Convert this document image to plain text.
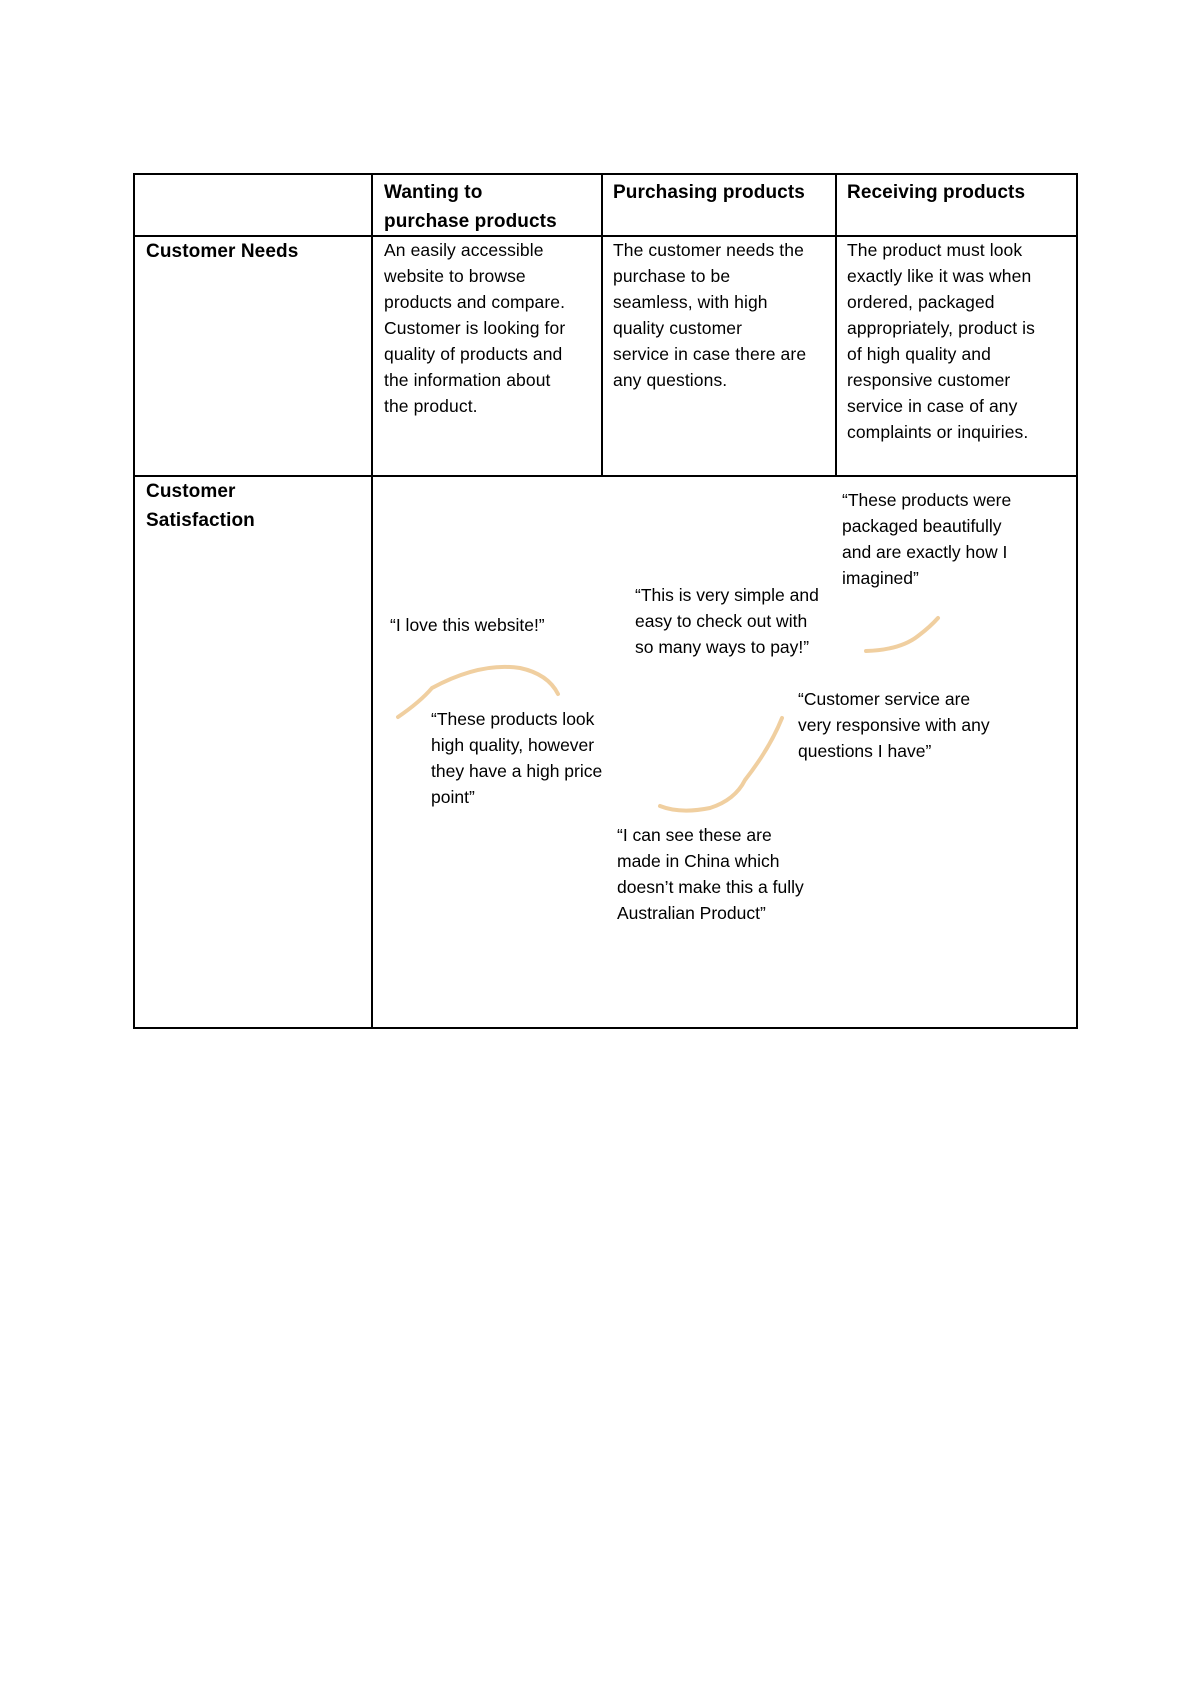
Wanting to
purchase products
Purchasing products	Receiving products
Customer Needs	An easily accessible
website to browse
products and compare.
Customer is looking for
quality of products and
the information about
the product.
The customer needs the
purchase to be
seamless, with high
quality customer
service in case there are
any questions.
The product must look
exactly like it was when
ordered, packaged
appropriately, product is
of high quality and
responsive customer
service in case of any
complaints or inquiries.
Customer
Satisfaction
“These products were
packaged beautifully
and are exactly how I
imagined”
“This is very simple and
easy to check out with
so many ways to pay!”
“I love this website!”
“Customer service are
very responsive with any
questions I have”
“These products look
high quality, however
they have a high price
point”
“I can see these are
made in China which
doesn’t make this a fully
Australian Product”
